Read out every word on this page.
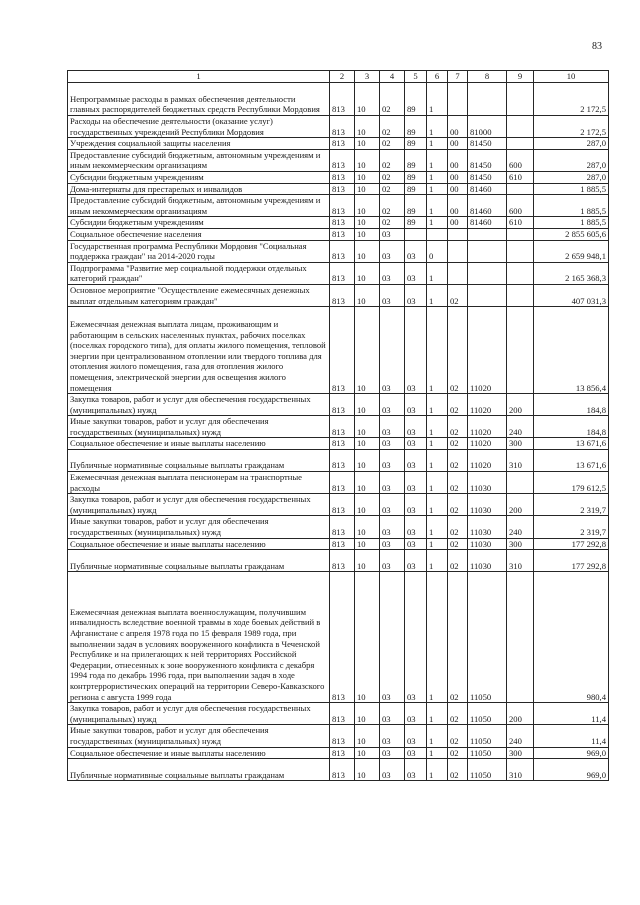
83
1	2	3	4	5	6	7	8	9	10
Непрограммные расходы в рамках обеспечения деятельности главных распорядителей бюджетных средств Республики Мордовия	813	10	02	89	1				2 172,5
Расходы на обеспечение деятельности (оказание услуг) государственных учреждений Республики Мордовия	813	10	02	89	1	00	81000		2 172,5
Учреждения социальной защиты населения	813	10	02	89	1	00	81450		287,0
Предоставление субсидий бюджетным, автономным учреждениям и иным некоммерческим организациям	813	10	02	89	1	00	81450	600	287,0
Субсидии бюджетным учреждениям	813	10	02	89	1	00	81450	610	287,0
Дома-интернаты для престарелых и инвалидов	813	10	02	89	1	00	81460		1 885,5
Предоставление субсидий бюджетным, автономным учреждениям и иным некоммерческим организациям	813	10	02	89	1	00	81460	600	1 885,5
Субсидии бюджетным учреждениям	813	10	02	89	1	00	81460	610	1 885,5
Социальное обеспечение населения	813	10	03						2 855 605,6
Государственная программа Республики Мордовия "Социальная поддержка граждан" на 2014-2020 годы	813	10	03	03	0				2 659 948,1
Подпрограмма "Развитие мер социальной поддержки отдельных категорий граждан"	813	10	03	03	1				2 165 368,3
Основное мероприятие "Осуществление ежемесячных денежных выплат отдельным категориям граждан"	813	10	03	03	1	02			407 031,3
Ежемесячная денежная выплата лицам, проживающим и работающим в сельских населенных пунктах, рабочих поселках (поселках городского типа), для оплаты жилого помещения, тепловой энергии при централизованном отоплении или твердого топлива для отопления жилого помещения, газа для отопления жилого помещения, электрической энергии для освещения жилого помещения	813	10	03	03	1	02	11020		13 856,4
Закупка товаров, работ и услуг для обеспечения государственных (муниципальных) нужд	813	10	03	03	1	02	11020	200	184,8
Иные закупки товаров, работ и услуг для обеспечения государственных (муниципальных) нужд	813	10	03	03	1	02	11020	240	184,8
Социальное обеспечение и иные выплаты населению	813	10	03	03	1	02	11020	300	13 671,6
Публичные нормативные социальные выплаты гражданам	813	10	03	03	1	02	11020	310	13 671,6
Ежемесячная денежная выплата пенсионерам на транспортные расходы	813	10	03	03	1	02	11030		179 612,5
Закупка товаров, работ и услуг для обеспечения государственных (муниципальных) нужд	813	10	03	03	1	02	11030	200	2 319,7
Иные закупки товаров, работ и услуг для обеспечения государственных (муниципальных) нужд	813	10	03	03	1	02	11030	240	2 319,7
Социальное обеспечение и иные выплаты населению	813	10	03	03	1	02	11030	300	177 292,8
Публичные нормативные социальные выплаты гражданам	813	10	03	03	1	02	11030	310	177 292,8
Ежемесячная денежная выплата военнослужащим, получившим инвалидность вследствие военной травмы в ходе боевых действий в Афганистане с апреля 1978 года по 15 февраля 1989 года, при выполнении задач в условиях вооруженного конфликта в Чеченской Республике и на прилегающих к ней территориях Российской Федерации, отнесенных к зоне вооруженного конфликта с декабря 1994 года по декабрь 1996 года, при выполнении задач в ходе контртеррористических операций на территории Северо-Кавказского региона с августа 1999 года	813	10	03	03	1	02	11050		980,4
Закупка товаров, работ и услуг для обеспечения государственных (муниципальных) нужд	813	10	03	03	1	02	11050	200	11,4
Иные закупки товаров, работ и услуг для обеспечения государственных (муниципальных) нужд	813	10	03	03	1	02	11050	240	11,4
Социальное обеспечение и иные выплаты населению	813	10	03	03	1	02	11050	300	969,0
Публичные нормативные социальные выплаты гражданам	813	10	03	03	1	02	11050	310	969,0
